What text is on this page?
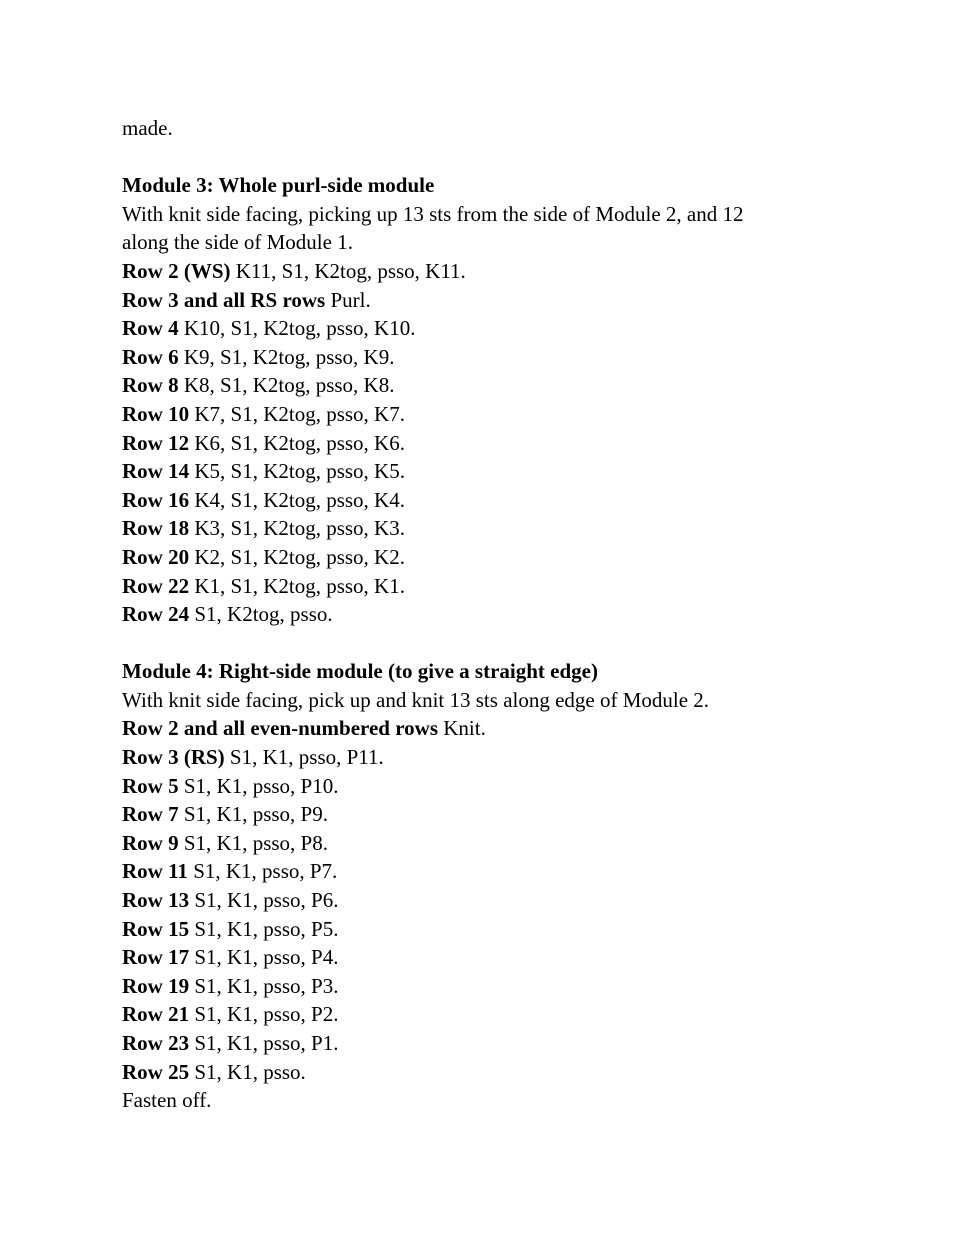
made.
Module 3: Whole purl-side module
With knit side facing, picking up 13 sts from the side of Module 2, and 12
along the side of Module 1.
Row 2 (WS) K11, S1, K2tog, psso, K11.
Row 3 and all RS rows Purl.
Row 4 K10, S1, K2tog, psso, K10.
Row 6 K9, S1, K2tog, psso, K9.
Row 8 K8, S1, K2tog, psso, K8.
Row 10 K7, S1, K2tog, psso, K7.
Row 12 K6, S1, K2tog, psso, K6.
Row 14 K5, S1, K2tog, psso, K5.
Row 16 K4, S1, K2tog, psso, K4.
Row 18 K3, S1, K2tog, psso, K3.
Row 20 K2, S1, K2tog, psso, K2.
Row 22 K1, S1, K2tog, psso, K1.
Row 24 S1, K2tog, psso.
Module 4: Right-side module (to give a straight edge)
With knit side facing, pick up and knit 13 sts along edge of Module 2.
Row 2 and all even-numbered rows Knit.
Row 3 (RS) S1, K1, psso, P11.
Row 5 S1, K1, psso, P10.
Row 7 S1, K1, psso, P9.
Row 9 S1, K1, psso, P8.
Row 11 S1, K1, psso, P7.
Row 13 S1, K1, psso, P6.
Row 15 S1, K1, psso, P5.
Row 17 S1, K1, psso, P4.
Row 19 S1, K1, psso, P3.
Row 21 S1, K1, psso, P2.
Row 23 S1, K1, psso, P1.
Row 25 S1, K1, psso.
Fasten off.
